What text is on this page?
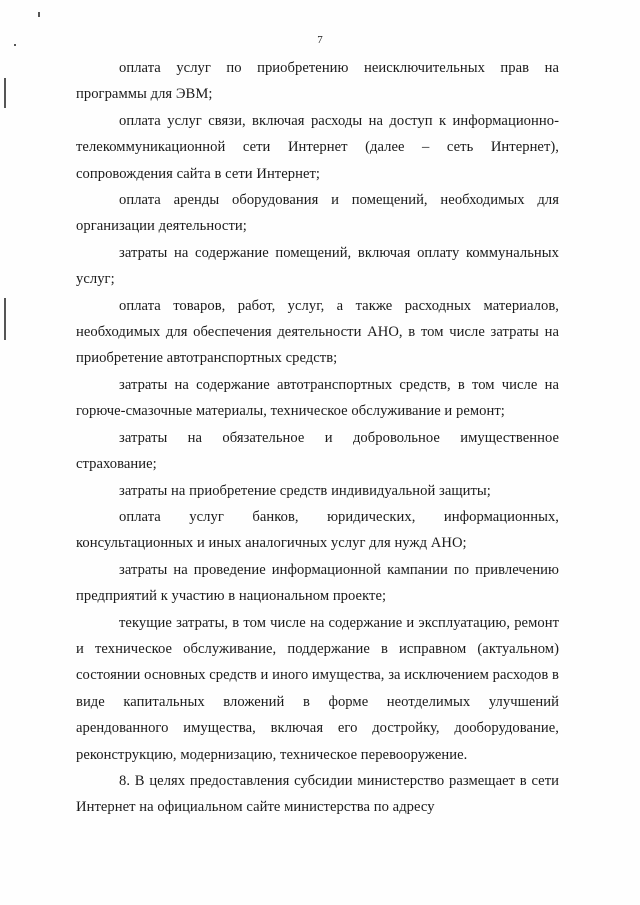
7

оплата услуг по приобретению неисключительных прав на программы для ЭВМ;

оплата услуг связи, включая расходы на доступ к информационно-телекоммуникационной сети Интернет (далее – сеть Интернет), сопровождения сайта в сети Интернет;

оплата аренды оборудования и помещений, необходимых для организации деятельности;

затраты на содержание помещений, включая оплату коммунальных услуг;

оплата товаров, работ, услуг, а также расходных материалов, необходимых для обеспечения деятельности АНО, в том числе затраты на приобретение автотранспортных средств;

затраты на содержание автотранспортных средств, в том числе на горюче-смазочные материалы, техническое обслуживание и ремонт;

затраты на обязательное и добровольное имущественное страхование;

затраты на приобретение средств индивидуальной защиты;

оплата услуг банков, юридических, информационных, консультационных и иных аналогичных услуг для нужд АНО;

затраты на проведение информационной кампании по привлечению предприятий к участию в национальном проекте;

текущие затраты, в том числе на содержание и эксплуатацию, ремонт и техническое обслуживание, поддержание в исправном (актуальном) состоянии основных средств и иного имущества, за исключением расходов в виде капитальных вложений в форме неотделимых улучшений арендованного имущества, включая его достройку, дооборудование, реконструкцию, модернизацию, техническое перевооружение.

8. В целях предоставления субсидии министерство размещает в сети Интернет на официальном сайте министерства по адресу
